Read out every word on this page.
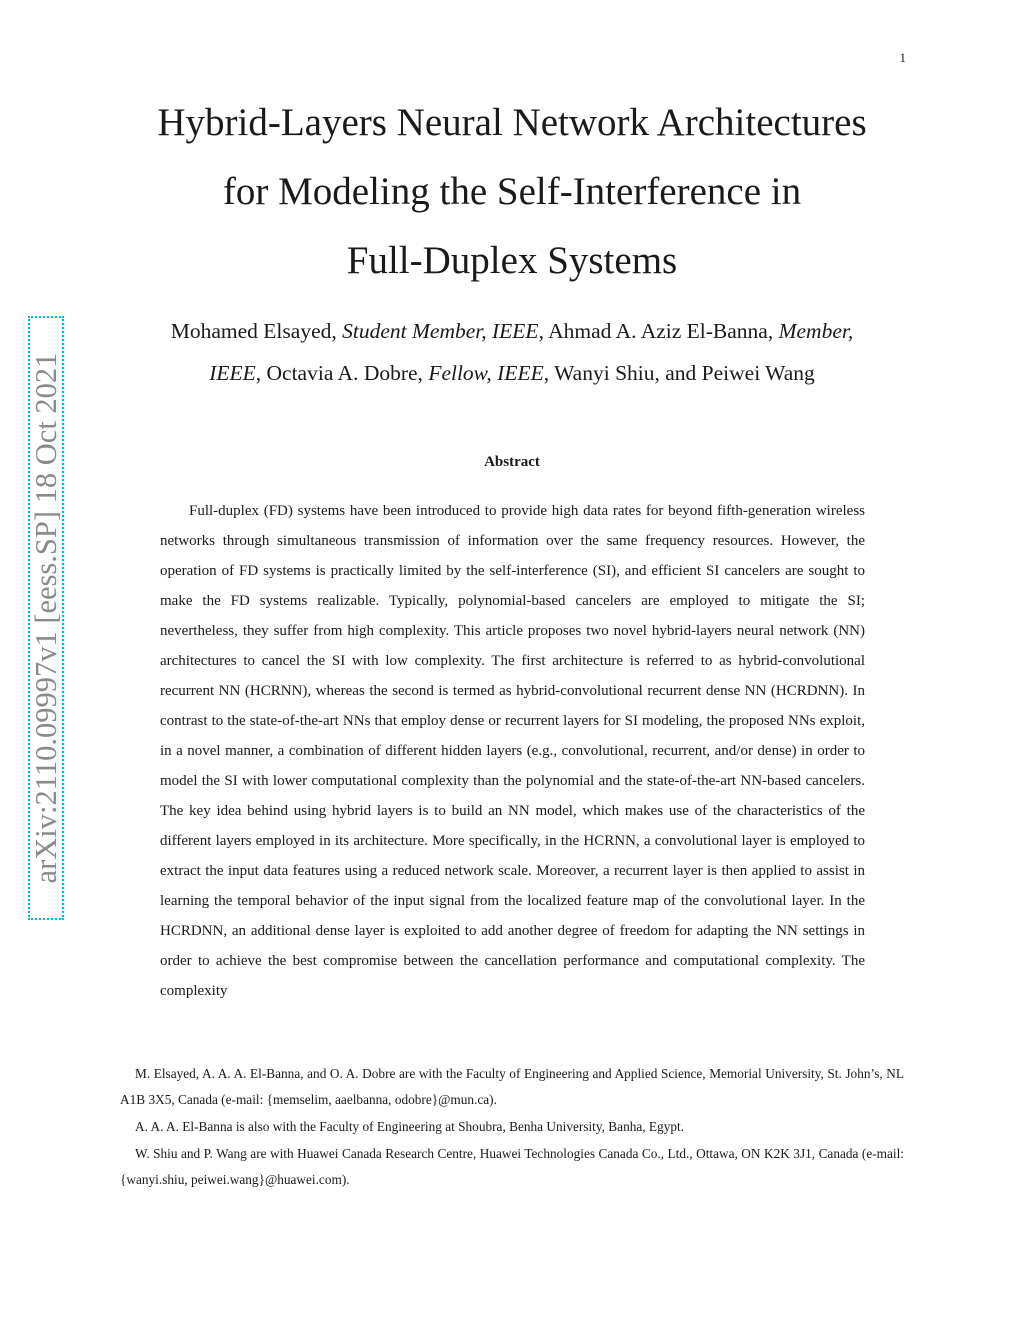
1
arXiv:2110.09997v1 [eess.SP] 18 Oct 2021
Hybrid-Layers Neural Network Architectures
for Modeling the Self-Interference in
Full-Duplex Systems
Mohamed Elsayed, Student Member, IEEE, Ahmad A. Aziz El-Banna, Member,
IEEE, Octavia A. Dobre, Fellow, IEEE, Wanyi Shiu, and Peiwei Wang
Abstract

Full-duplex (FD) systems have been introduced to provide high data rates for beyond fifth-generation wireless networks through simultaneous transmission of information over the same frequency resources. However, the operation of FD systems is practically limited by the self-interference (SI), and efficient SI cancelers are sought to make the FD systems realizable. Typically, polynomial-based cancelers are employed to mitigate the SI; nevertheless, they suffer from high complexity. This article proposes two novel hybrid-layers neural network (NN) architectures to cancel the SI with low complexity. The first architecture is referred to as hybrid-convolutional recurrent NN (HCRNN), whereas the second is termed as hybrid-convolutional recurrent dense NN (HCRDNN). In contrast to the state-of-the-art NNs that employ dense or recurrent layers for SI modeling, the proposed NNs exploit, in a novel manner, a combination of different hidden layers (e.g., convolutional, recurrent, and/or dense) in order to model the SI with lower computational complexity than the polynomial and the state-of-the-art NN-based cancelers. The key idea behind using hybrid layers is to build an NN model, which makes use of the characteristics of the different layers employed in its architecture. More specifically, in the HCRNN, a convolutional layer is employed to extract the input data features using a reduced network scale. Moreover, a recurrent layer is then applied to assist in learning the temporal behavior of the input signal from the localized feature map of the convolutional layer. In the HCRDNN, an additional dense layer is exploited to add another degree of freedom for adapting the NN settings in order to achieve the best compromise between the cancellation performance and computational complexity. The complexity

M. Elsayed, A. A. A. El-Banna, and O. A. Dobre are with the Faculty of Engineering and Applied Science, Memorial University, St. John’s, NL A1B 3X5, Canada (e-mail: {memselim, aaelbanna, odobre}@mun.ca).

A. A. A. El-Banna is also with the Faculty of Engineering at Shoubra, Benha University, Banha, Egypt.

W. Shiu and P. Wang are with Huawei Canada Research Centre, Huawei Technologies Canada Co., Ltd., Ottawa, ON K2K 3J1, Canada (e-mail: {wanyi.shiu, peiwei.wang}@huawei.com).
